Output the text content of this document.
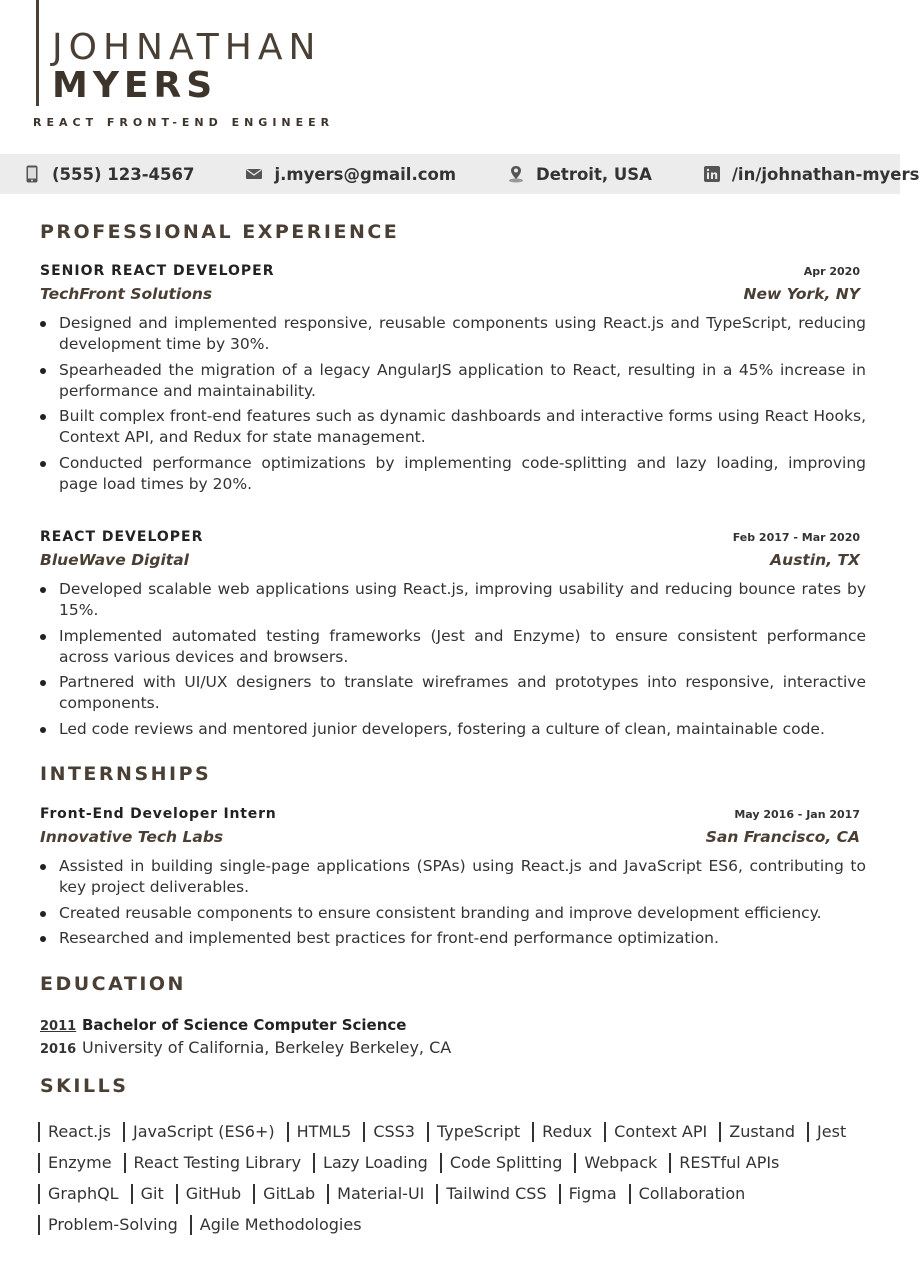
JOHNATHAN
MYERS
REACT FRONT-END ENGINEER
(555) 123-4567	j.myers@gmail.com	Detroit, USA	/in/johnathan-myers
PROFESSIONAL EXPERIENCE
SENIOR REACT DEVELOPER	Apr 2020
TechFront Solutions	New York, NY
Designed and implemented responsive, reusable components using React.js and TypeScript, reducing development time by 30%.
Spearheaded the migration of a legacy AngularJS application to React, resulting in a 45% increase in performance and maintainability.
Built complex front-end features such as dynamic dashboards and interactive forms using React Hooks, Context API, and Redux for state management.
Conducted performance optimizations by implementing code-splitting and lazy loading, improving page load times by 20%.
REACT DEVELOPER	Feb 2017 - Mar 2020
BlueWave Digital	Austin, TX
Developed scalable web applications using React.js, improving usability and reducing bounce rates by 15%.
Implemented automated testing frameworks (Jest and Enzyme) to ensure consistent performance across various devices and browsers.
Partnered with UI/UX designers to translate wireframes and prototypes into responsive, interactive components.
Led code reviews and mentored junior developers, fostering a culture of clean, maintainable code.
INTERNSHIPS
Front-End Developer Intern	May 2016 - Jan 2017
Innovative Tech Labs	San Francisco, CA
Assisted in building single-page applications (SPAs) using React.js and JavaScript ES6, contributing to key project deliverables.
Created reusable components to ensure consistent branding and improve development efficiency.
Researched and implemented best practices for front-end performance optimization.
EDUCATION
2011 Bachelor of Science Computer Science
2016 University of California, Berkeley Berkeley, CA
SKILLS
React.js JavaScript (ES6+) HTML5 CSS3 TypeScript Redux Context API Zustand Jest
Enzyme React Testing Library Lazy Loading Code Splitting Webpack RESTful APIs
GraphQL Git GitHub GitLab Material-UI Tailwind CSS Figma Collaboration
Problem-Solving Agile Methodologies
